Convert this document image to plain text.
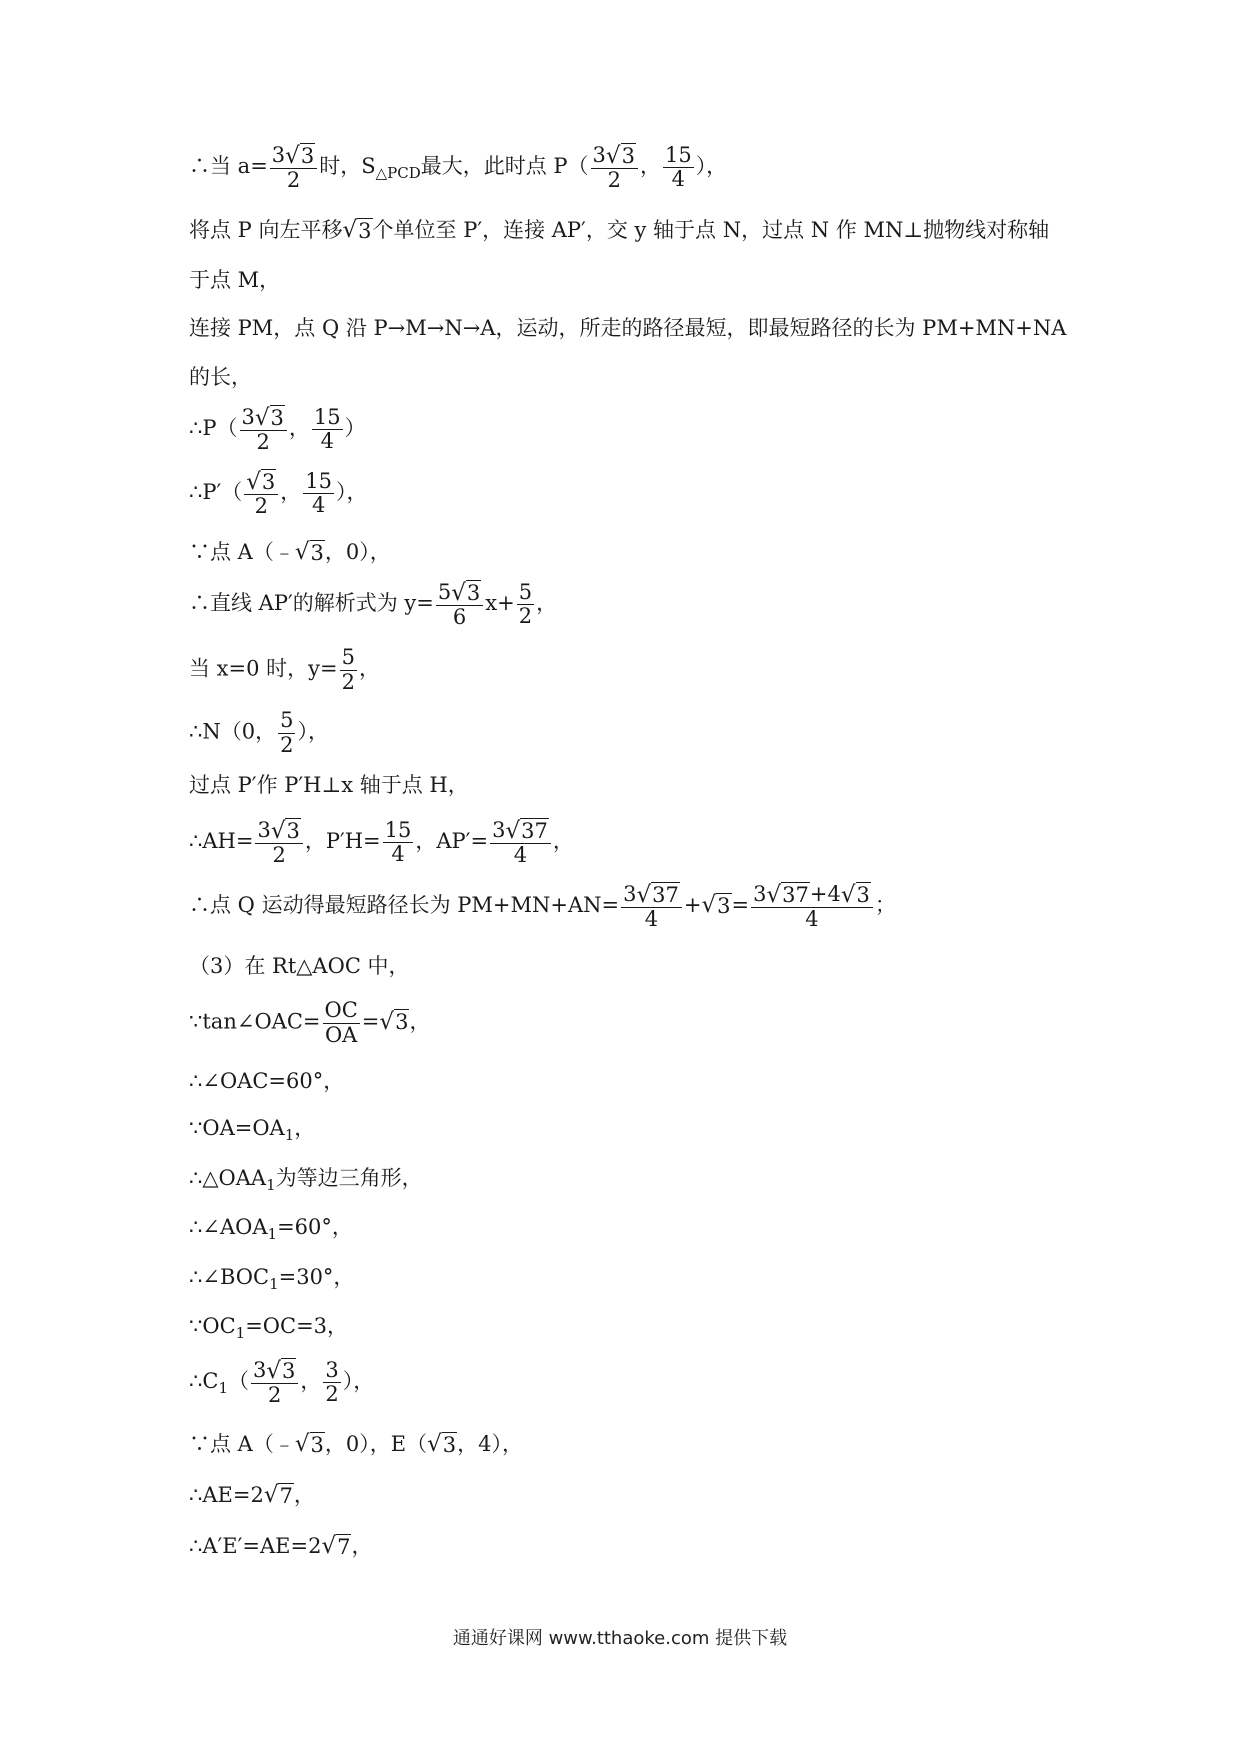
∴当 $a= \frac{3 √ 3}{2}$ 时，$S_{\triangle PCD}$最大，此时点 $P( \frac{3 √ 3}{2}$ ， $\frac{15}{4}$ ），
将点 P 向左平移 √ 3 个单位至 P′，连接 AP′，交 y 轴于点 N，过点 N 作 MN⊥抛物线对称轴
于点 M，
连接 PM，点 Q 沿 P→M→N→A，运动，所走的路径最短，即最短路径的长为 PM+MN+NA
的长，
∴P（ $\frac{3 √ 3}{2}$ ， $\frac{15}{4}$ ）
∴P′（ $\frac{√ 3}{2}$ ， $\frac{15}{4}$ ），
∵点 A（﹣ √ 3 ，0），
∴直线 AP′的解析式为 $y= \frac{5 √ 3}{6} x+ \frac{5}{2}$ ，
当 x=0 时，$y= \frac{5}{2}$ ，
∴N（0， $\frac{5}{2}$ ），
过点 P′作 P′H⊥x 轴于点 H，
∴AH= $\frac{3 √ 3}{2}$ ，$P'H= \frac{15}{4}$ ，$AP'= \frac{3 √ 37}{4}$ ，
∴点 Q 运动得最短路径长为 $PM+MN+AN= \frac{3 √ 37}{4}$ + √ $3 = \frac{3 √ 37 +4 √ 3}{4}$ ；
（3）在 Rt△AOC 中，
∵tan∠OAC= $\frac{OC}{OA}$ = √ 3 ，
∴∠OAC=60°，
$\because OA=OA_1$，
$\therefore\triangle OAA_1$为等边三角形，
$\therefore\angle AOA_1=60^\circ$，
$\therefore\angle BOC_1=30^\circ$，
$\because OC_1=OC=3$，
$\therefore C_1( \frac{3 √ 3}{2}$ ， $\frac{3}{2}$ ），
∵点 A（﹣ √ 3 ，0），E（ √ 3 ，4），
∴AE=2 √ 7 ，
∴A′E′=AE=2 √ 7 ，
通通好课网 www.tthaoke.com 提供下载
